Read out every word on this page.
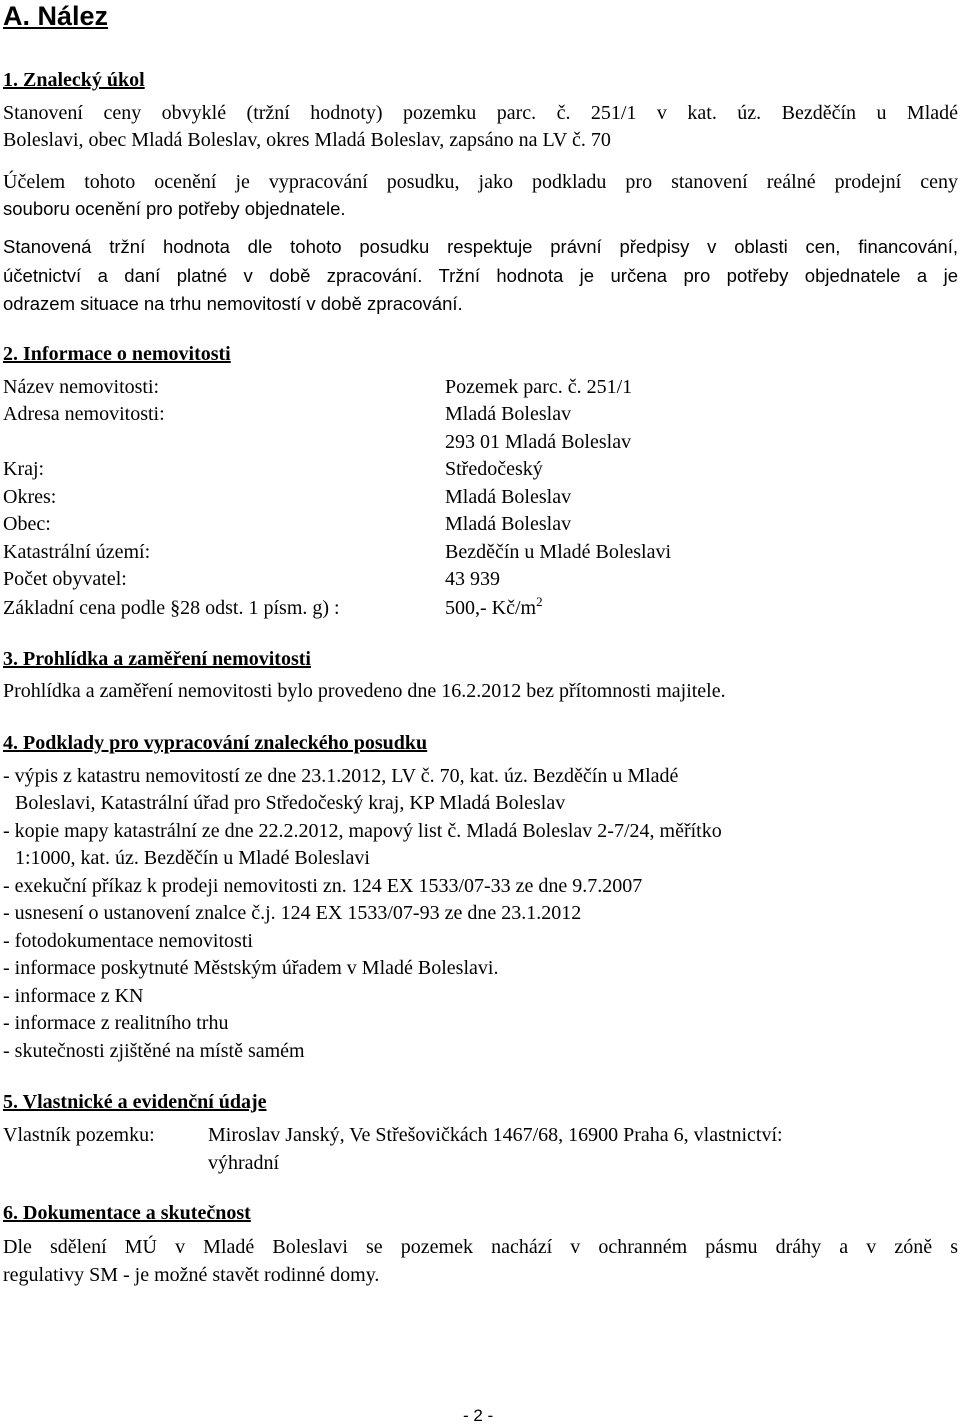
A. Nález
1. Znalecký úkol
Stanovení ceny obvyklé (tržní hodnoty) pozemku parc. č. 251/1 v kat. úz. Bezděčín u Mladé
Boleslavi, obec Mladá Boleslav, okres Mladá Boleslav, zapsáno na LV č. 70
Účelem tohoto ocenění je vypracování posudku, jako podkladu pro stanovení reálné prodejní ceny
souboru ocenění pro potřeby objednatele.
Stanovená tržní hodnota dle tohoto posudku respektuje právní předpisy v oblasti cen, financování,
účetnictví a daní platné v době zpracování. Tržní hodnota je určena pro potřeby objednatele a je
odrazem situace na trhu nemovitostí v době zpracování.
2. Informace o nemovitosti
Název nemovitosti:	Pozemek parc. č. 251/1
Adresa nemovitosti:	Mladá Boleslav
293 01 Mladá Boleslav
Kraj:	Středočeský
Okres:	Mladá Boleslav
Obec:	Mladá Boleslav
Katastrální území:	Bezděčín u Mladé Boleslavi
Počet obyvatel:	43 939
Základní cena podle §28 odst. 1 písm. g) :	500,- $Kč/m^2$
3. Prohlídka a zaměření nemovitosti
Prohlídka a zaměření nemovitosti bylo provedeno dne 16.2.2012 bez přítomnosti majitele.
4. Podklady pro vypracování znaleckého posudku
- výpis z katastru nemovitostí ze dne 23.1.2012, LV č. 70, kat. úz. Bezděčín u Mladé
Boleslavi, Katastrální úřad pro Středočeský kraj, KP Mladá Boleslav
- kopie mapy katastrální ze dne 22.2.2012, mapový list č. Mladá Boleslav 2-7/24, měřítko
1:1000, kat. úz. Bezděčín u Mladé Boleslavi
- exekuční příkaz k prodeji nemovitosti zn. 124 EX 1533/07-33 ze dne 9.7.2007
- usnesení o ustanovení znalce č.j. 124 EX 1533/07-93 ze dne 23.1.2012
- fotodokumentace nemovitosti
- informace poskytnuté Městským úřadem v Mladé Boleslavi.
- informace z KN
- informace z realitního trhu
- skutečnosti zjištěné na místě samém
5. Vlastnické a evidenční údaje
Vlastník pozemku:	Miroslav Janský, Ve Střešovičkách 1467/68, 16900 Praha 6, vlastnictví:
výhradní
6. Dokumentace a skutečnost
Dle sdělení MÚ v Mladé Boleslavi se pozemek nachází v ochranném pásmu dráhy a v zóně s
regulativy SM - je možné stavět rodinné domy.
- 2 -
